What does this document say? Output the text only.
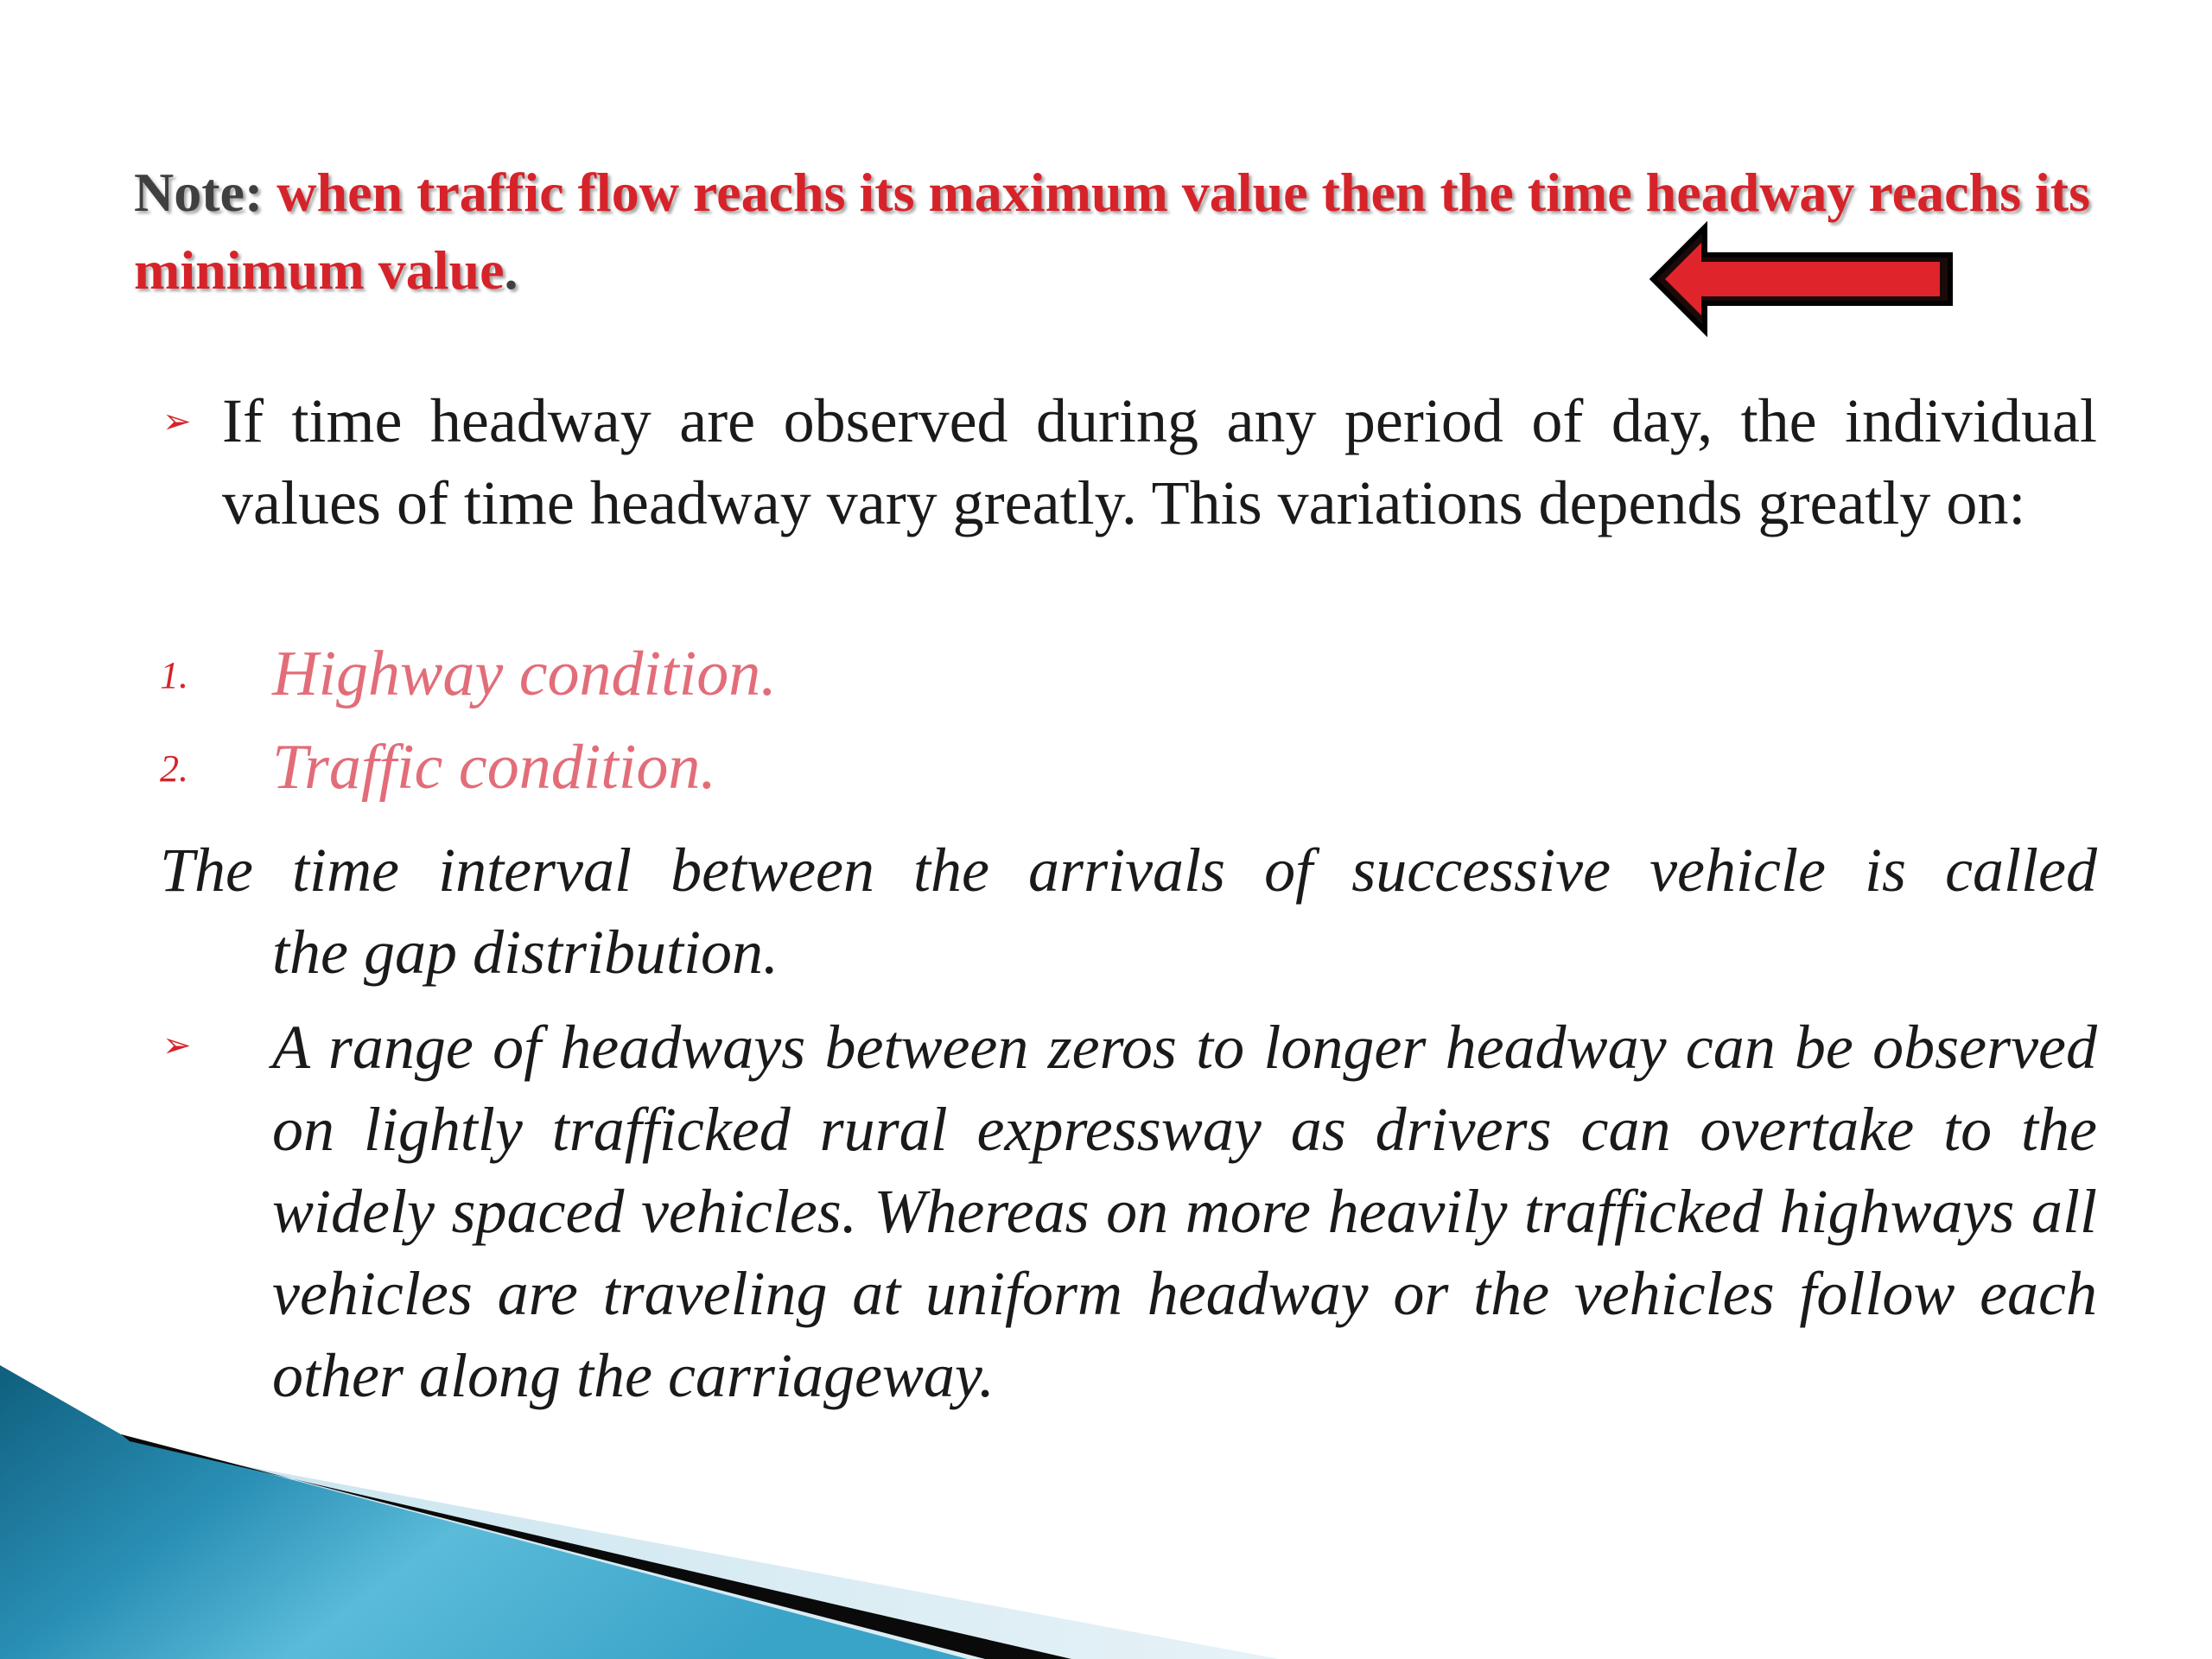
Note: when traffic flow reachs its maximum value then the time headway reachs its minimum value.
➢ If time headway are observed during any period of day, the individual values of time headway vary greatly. This variations depends greatly on:
1. Highway condition.
2. Traffic condition.
The time interval between the arrivals of successive vehicle is called
the gap distribution.
➢ A range of headways between zeros to longer headway can be observed on lightly trafficked rural expressway as drivers can overtake to the widely spaced vehicles. Whereas on more heavily trafficked highways all vehicles are traveling at uniform headway or the vehicles follow each other along the carriageway.
